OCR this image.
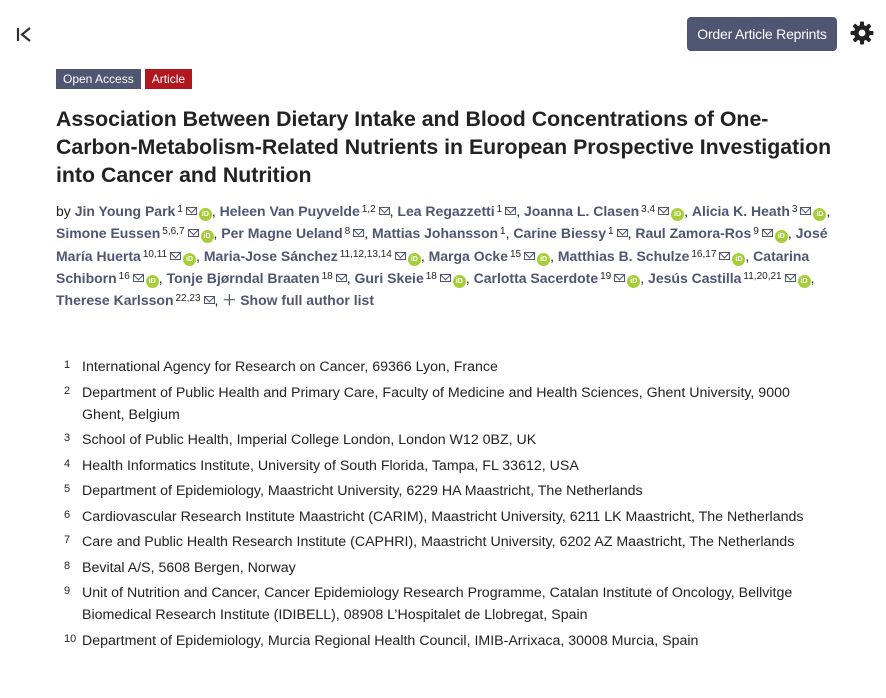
Order Article Reprints
Open Access	Article
Association Between Dietary Intake and Blood Concentrations of One-Carbon-Metabolism-Related Nutrients in European Prospective Investigation into Cancer and Nutrition
by Jin Young Park $^1$	iD , Heleen Van Puyvelde $^{1,2}$ , Lea Regazzetti $^1$ , Joanna L. Clasen $^{3,4}$	iD , Alicia K. Heath $^3$	iD , Simone Eussen $^{5,6,7}$	iD , Per Magne Ueland $^8$ , Mattias Johansson $^1$, Carine Biessy $^1$ , Raul Zamora-Ros $^9$	iD , José María Huerta $^{10,11}$	iD , Maria-Jose Sánchez $^{11,12,13,14}$	iD , Marga Ocke $^{15}$	iD , Matthias B. Schulze $^{16,17}$	iD , Catarina Schiborn $^{16}$	iD , Tonje Bjørndal Braaten $^{18}$ , Guri Skeie $^{18}$	iD , Carlotta Sacerdote $^{19}$	iD , Jesús Castilla $^{11,20,21}$	iD , Therese Karlsson $^{22,23}$ , ＋ Show full author list
1 International Agency for Research on Cancer, 69366 Lyon, France
2 Department of Public Health and Primary Care, Faculty of Medicine and Health Sciences, Ghent University, 9000 Ghent, Belgium
3 School of Public Health, Imperial College London, London W12 0BZ, UK
4 Health Informatics Institute, University of South Florida, Tampa, FL 33612, USA
5 Department of Epidemiology, Maastricht University, 6229 HA Maastricht, The Netherlands
6 Cardiovascular Research Institute Maastricht (CARIM), Maastricht University, 6211 LK Maastricht, The Netherlands
7 Care and Public Health Research Institute (CAPHRI), Maastricht University, 6202 AZ Maastricht, The Netherlands
8 Bevital A/S, 5608 Bergen, Norway
9 Unit of Nutrition and Cancer, Cancer Epidemiology Research Programme, Catalan Institute of Oncology, Bellvitge Biomedical Research Institute (IDIBELL), 08908 L’Hospitalet de Llobregat, Spain
10 Department of Epidemiology, Murcia Regional Health Council, IMIB-Arrixaca, 30008 Murcia, Spain
